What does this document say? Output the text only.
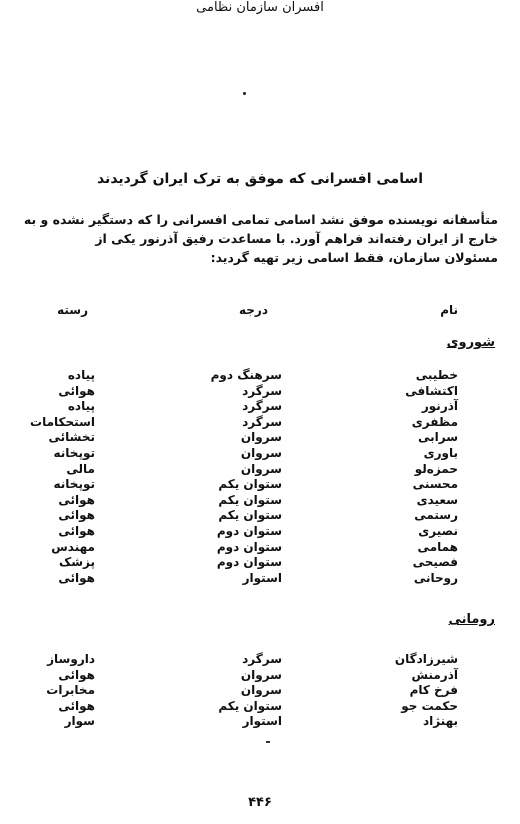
افسران سازمان نظامی
اسامی افسرانی که موفق به ترک ایران گردیدند

متأسفانه نویسنده موفق نشد اسامی تمامی افسرانی را که دستگیر نشده و به

خارج از ایران رفته‌اند فراهم آورد. با مساعدت رفیق آذرنور یکی از

مسئولان سازمان، فقط اسامی زیر تهیه گردید:

نام
درجه
رسته
شوروی
خطیبی
سرهنگ دوم
پیاده
اکتشافی
سرگرد
هوائی
آذرنور
سرگرد
پیاده
مظفری
سرگرد
استحکامات
سرابی
سروان
تخشائی
باوری
سروان
توپخانه
حمزه‌لو
سروان
مالی
محسنی
ستوان یکم
توپخانه
سعیدی
ستوان یکم
هوائی
رستمی
ستوان یکم
هوائی
نصیری
ستوان دوم
هوائی
همامی
ستوان دوم
مهندس
فصیحی
ستوان دوم
پزشک
روحانی
استوار
هوائی
رومانی
شیرزادگان
سرگرد
داروساز
آذرمنش
سروان
هوائی
فرخ کام
سروان
مخابرات
حکمت جو
ستوان یکم
هوائی
بهنژاد
استوار
سوار
۴۴۶
